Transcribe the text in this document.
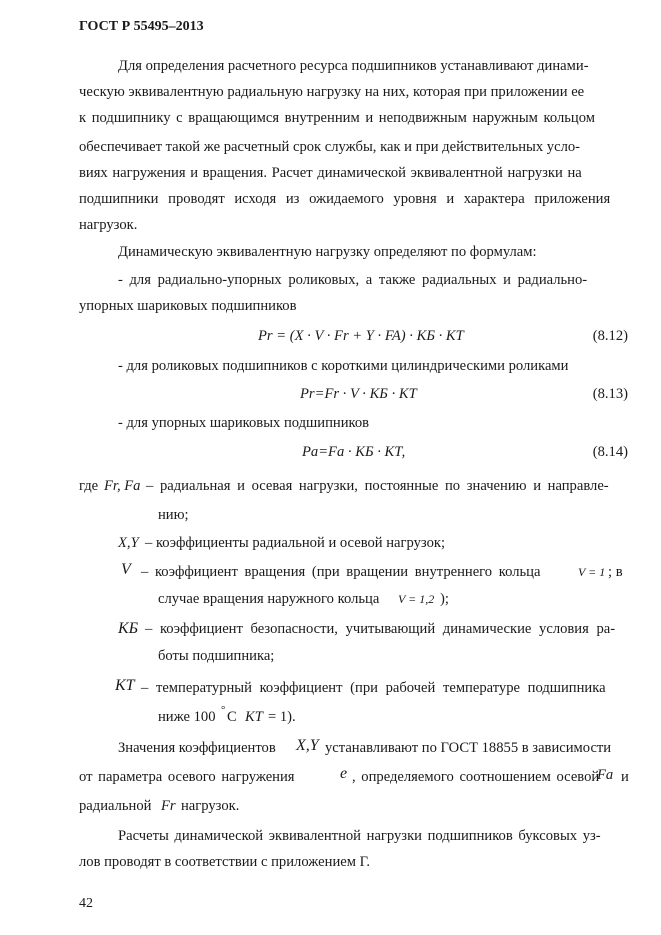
ГОСТ Р 55495–2013
Для определения расчетного ресурса подшипников устанавливают динами-
ческую эквивалентную радиальную нагрузку на них, которая при приложении ее
к подшипнику с вращающимся внутренним и неподвижным наружным кольцом
обеспечивает такой же расчетный срок службы, как и при действительных усло-
виях нагружения и вращения. Расчет динамической эквивалентной нагрузки на
подшипники проводят исходя из ожидаемого уровня и характера приложения
нагрузок.
Динамическую эквивалентную нагрузку определяют по формулам:
- для радиально-упорных роликовых, а также радиальных и радиально-
упорных шариковых подшипников
Pr = (X · V · Fr + Y · FA) · KБ · KТ	(8.12)
- для роликовых подшипников с короткими цилиндрическими роликами
Pr=Fr · V · KБ · KТ	(8.13)
- для упорных шариковых подшипников
Pa=Fa · KБ · KТ,	(8.14)
где Fr, Fa – радиальная и осевая нагрузки, постоянные по значению и направле-
нию;
X,Y – коэффициенты радиальной и осевой нагрузок;
V – коэффициент вращения (при вращении внутреннего кольца	V = 1 ; в
случае вращения наружного кольца V = 1,2 );
KБ – коэффициент безопасности, учитывающий динамические условия ра-
боты подшипника;
KТ – температурный коэффициент (при рабочей температуре подшипника
ниже 100 ° С KТ = 1).
Значения коэффициентов X,Y устанавливают по ГОСТ 18855 в зависимости
от параметра осевого нагружения	e , определяемого соотношением осевой
Fa и
радиальной Fr нагрузок.
Расчеты динамической эквивалентной нагрузки подшипников буксовых уз-
лов проводят в соответствии с приложением Г.
42
